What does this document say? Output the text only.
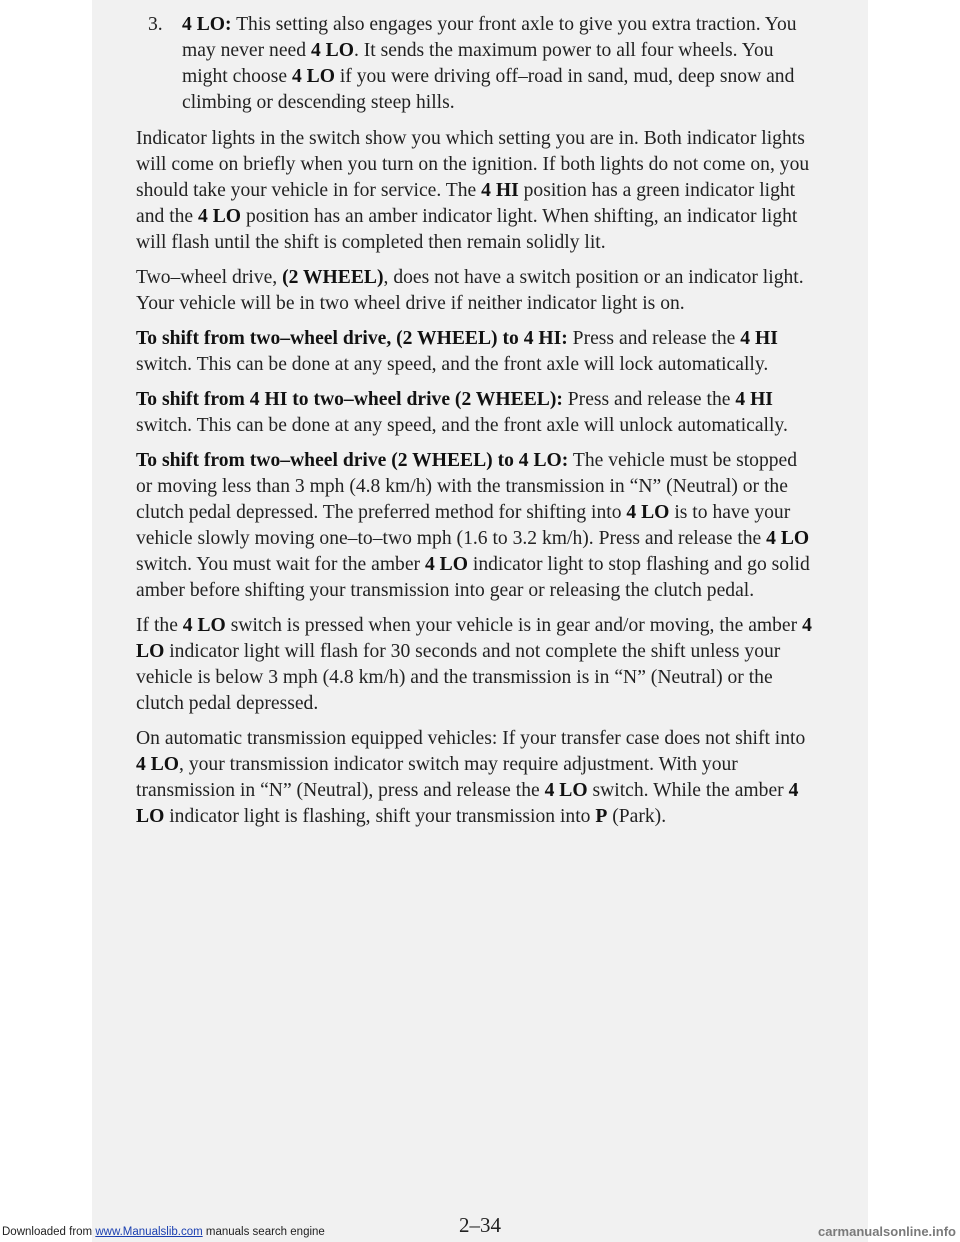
3. 4 LO: This setting also engages your front axle to give you extra traction. You may never need 4 LO. It sends the maximum power to all four wheels. You might choose 4 LO if you were driving off–road in sand, mud, deep snow and climbing or descending steep hills.

Indicator lights in the switch show you which setting you are in. Both indicator lights will come on briefly when you turn on the ignition. If both lights do not come on, you should take your vehicle in for service. The 4 HI position has a green indicator light and the 4 LO position has an amber indicator light. When shifting, an indicator light will flash until the shift is completed then remain solidly lit.

Two–wheel drive, (2 WHEEL), does not have a switch position or an indicator light. Your vehicle will be in two wheel drive if neither indicator light is on.

To shift from two–wheel drive, (2 WHEEL) to 4 HI: Press and release the 4 HI switch. This can be done at any speed, and the front axle will lock automatically.

To shift from 4 HI to two–wheel drive (2 WHEEL): Press and release the 4 HI switch. This can be done at any speed, and the front axle will unlock automatically.

To shift from two–wheel drive (2 WHEEL) to 4 LO: The vehicle must be stopped or moving less than 3 mph (4.8 km/h) with the transmission in “N” (Neutral) or the clutch pedal depressed. The preferred method for shifting into 4 LO is to have your vehicle slowly moving one–to–two mph (1.6 to 3.2 km/h). Press and release the 4 LO switch. You must wait for the amber 4 LO indicator light to stop flashing and go solid amber before shifting your transmission into gear or releasing the clutch pedal.

If the 4 LO switch is pressed when your vehicle is in gear and/or moving, the amber 4 LO indicator light will flash for 30 seconds and not complete the shift unless your vehicle is below 3 mph (4.8 km/h) and the transmission is in “N” (Neutral) or the clutch pedal depressed.

On automatic transmission equipped vehicles: If your transfer case does not shift into 4 LO, your transmission indicator switch may require adjustment. With your transmission in “N” (Neutral), press and release the 4 LO switch. While the amber 4 LO indicator light is flashing, shift your transmission into P (Park).

2–34
Downloaded from www.Manualslib.com manuals search engine	carmanualsonline.info
